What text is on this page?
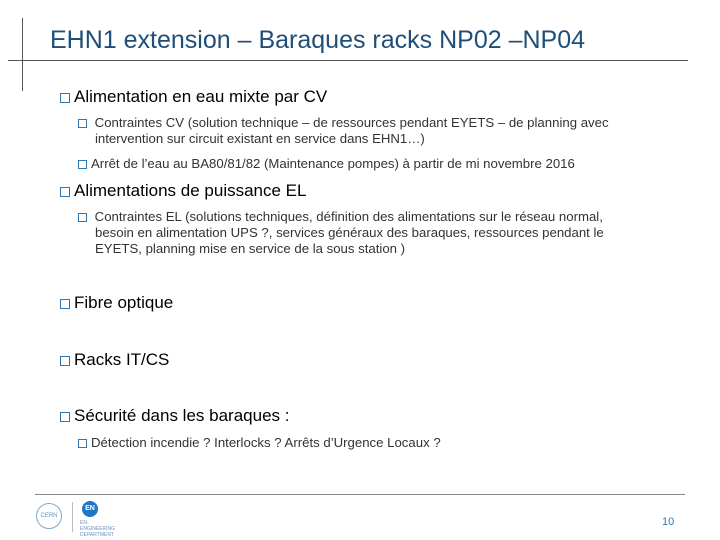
EHN1 extension – Baraques racks NP02 –NP04
Alimentation en eau mixte par CV
Contraintes CV (solution technique – de ressources pendant EYETS – de planning avec
intervention sur circuit existant en service dans EHN1…)
Arrêt de l’eau au BA80/81/82 (Maintenance pompes) à partir de mi novembre 2016
Alimentations de puissance EL
Contraintes EL (solutions techniques, définition des alimentations sur le réseau normal,
besoin en alimentation UPS ?, services généraux des baraques, ressources pendant le
EYETS, planning mise en service de la sous station )
Fibre optique
Racks IT/CS
Sécurité dans les baraques :
Détection incendie ? Interlocks ? Arrêts d’Urgence Locaux ?
CERN
EN
EN-ENGINEERING DEPARTMENT
10
